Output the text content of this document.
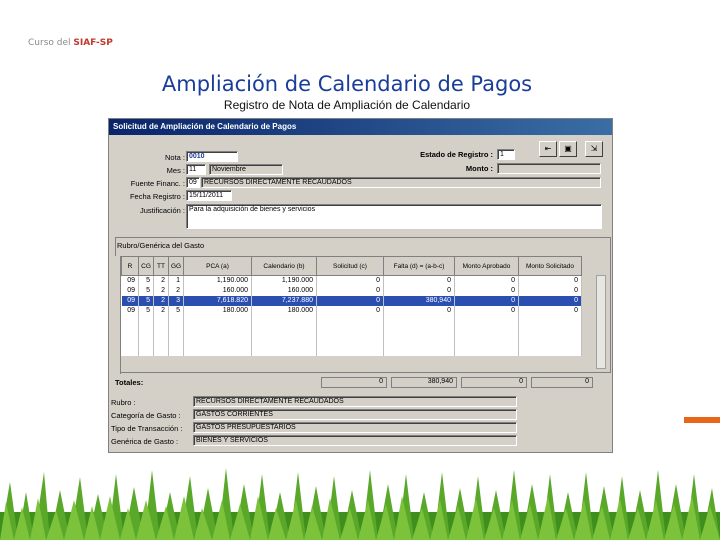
Curso del SIAF-SP
Ampliación de Calendario de Pagos
Registro de Nota de Ampliación de Calendario
Solicitud de Ampliación de Calendario de Pagos
Nota : 0010
Mes : 11	Noviembre
Fuente Financ. : 09	RECURSOS DIRECTAMENTE RECAUDADOS
Fecha Registro : 15/11/2011
Justificación : Para la adquisición de bienes y servicios
Estado de Registro :	1
Monto :
⇤	▣	⇲
Rubro/Genérica del Gasto
R	CG	TT	GG	PCA (a)	Calendario (b)	Solicitud (c)	Falta (d) = (a-b-c)	Monto Aprobado	Monto Solicitado
09	5	2	1	1,190.000	1,190.000	0	0	0	0
09	5	2	2	160.000	160.000	0	0	0	0
09	5	2	3	7,618.820	7,237.880	0	380,940	0	0
09	5	2	5	180.000	180.000	0	0	0	0

Totales:	0	380,940	0	0
Rubro :	RECURSOS DIRECTAMENTE RECAUDADOS
Categoría de Gasto :	GASTOS CORRIENTES
Tipo de Transacción :	GASTOS PRESUPUESTARIOS
Genérica de Gasto :	BIENES Y SERVICIOS
